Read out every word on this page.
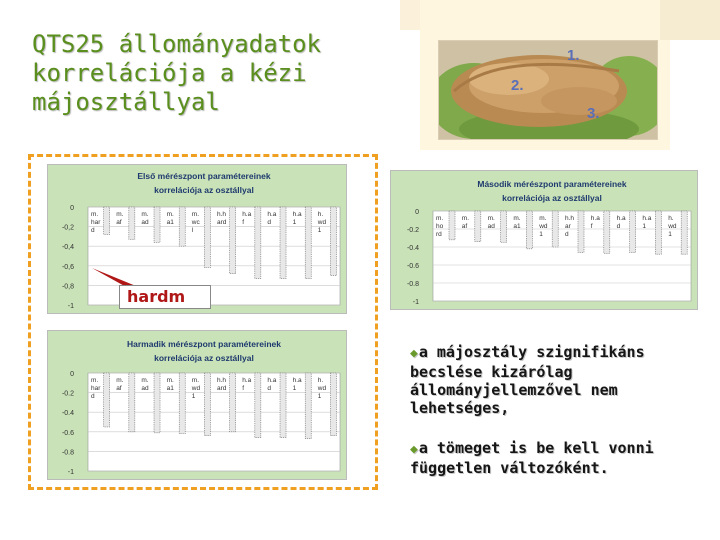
QTS25 állományadatok
korrelációja a kézi
májosztállyal
1.
2.
3.
Első mérészpont paramétereinek
korrelációja az osztállyal
0
-0,2
-0,4
-0,6
-0,8
-1
m. har d
m. af
m. ad
m. a1
m. wc l
h.h ard
h.a f
h.a d
h.a 1
h. wd 1
Második mérészpont paramétereinek
korrelációja az osztállyal
0
-0.2
-0.4
-0.6
-0.8
-1
m. ho rd
m. af
m. ad
m. a1
m. wd 1
h.h ar d
h.a f
h.a d
h.a 1
h. wd 1
Harmadik mérészpont paramétereinek
korrelációja az osztállyal
0
-0.2
-0.4
-0.6
-0.8
-1
m. har d
m. af
m. ad
m. a1
m. wd 1
h.h ard
h.a f
h.a d
h.a 1
h. wd 1
hardm
◆a májosztály szignifikáns becslése kizárólag állományjellemzővel nem lehetséges,
◆a tömeget is be kell vonni független változóként.
